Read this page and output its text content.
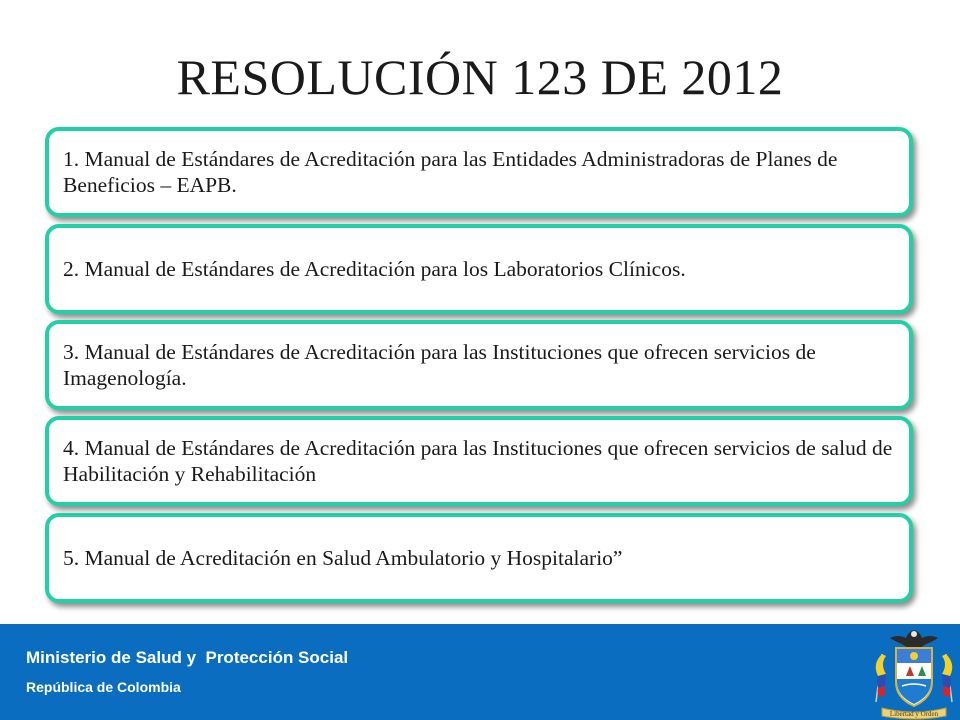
RESOLUCIÓN 123 DE 2012
1. Manual de Estándares de Acreditación para las Entidades Administradoras de Planes de Beneficios – EAPB.
2. Manual de Estándares de Acreditación para los Laboratorios Clínicos.
3. Manual de Estándares de Acreditación para las Instituciones que ofrecen servicios de Imagenología.
4. Manual de Estándares de Acreditación para las Instituciones que ofrecen servicios de salud de Habilitación y Rehabilitación
5. Manual de Acreditación en Salud Ambulatorio y Hospitalario”
Ministerio de Salud y  Protección Social
República de Colombia
Libertad y Orden
